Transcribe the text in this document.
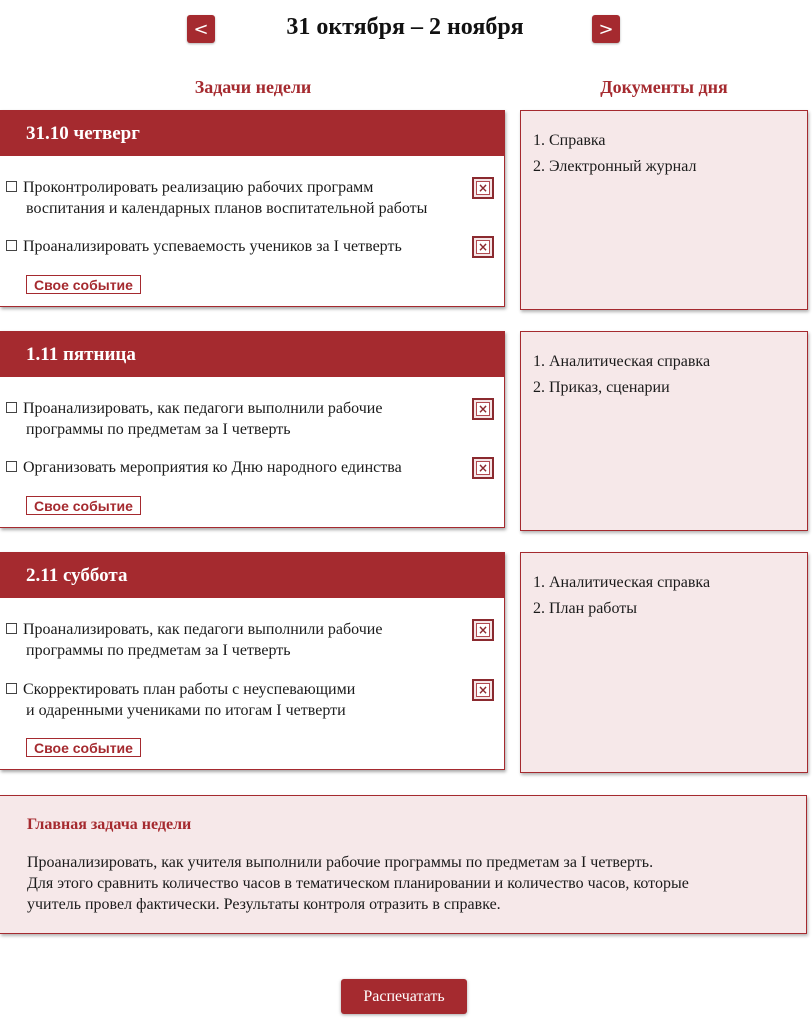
<	31 октября – 2 ноября	>
Задачи недели	Документы дня
31.10 четверг
Проконтролировать реализацию рабочих программ
воспитания и календарных планов воспитательной работы
×
Проанализировать успеваемость учеников за I четверть	×
Свое событие
1. Справка
2. Электронный журнал
1.11 пятница
Проанализировать, как педагоги выполнили рабочие
программы по предметам за I четверть
×
Организовать мероприятия ко Дню народного единства	×
Свое событие
1. Аналитическая справка
2. Приказ, сценарии
2.11 суббота
Проанализировать, как педагоги выполнили рабочие
программы по предметам за I четверть
×
Скорректировать план работы с неуспевающими
и одаренными учениками по итогам I четверти
×
Свое событие
1. Аналитическая справка
2. План работы
Главная задача недели
Проанализировать, как учителя выполнили рабочие программы по предметам за I четверть.
Для этого сравнить количество часов в тематическом планировании и количество часов, которые
учитель провел фактически. Результаты контроля отразить в справке.
Распечатать
